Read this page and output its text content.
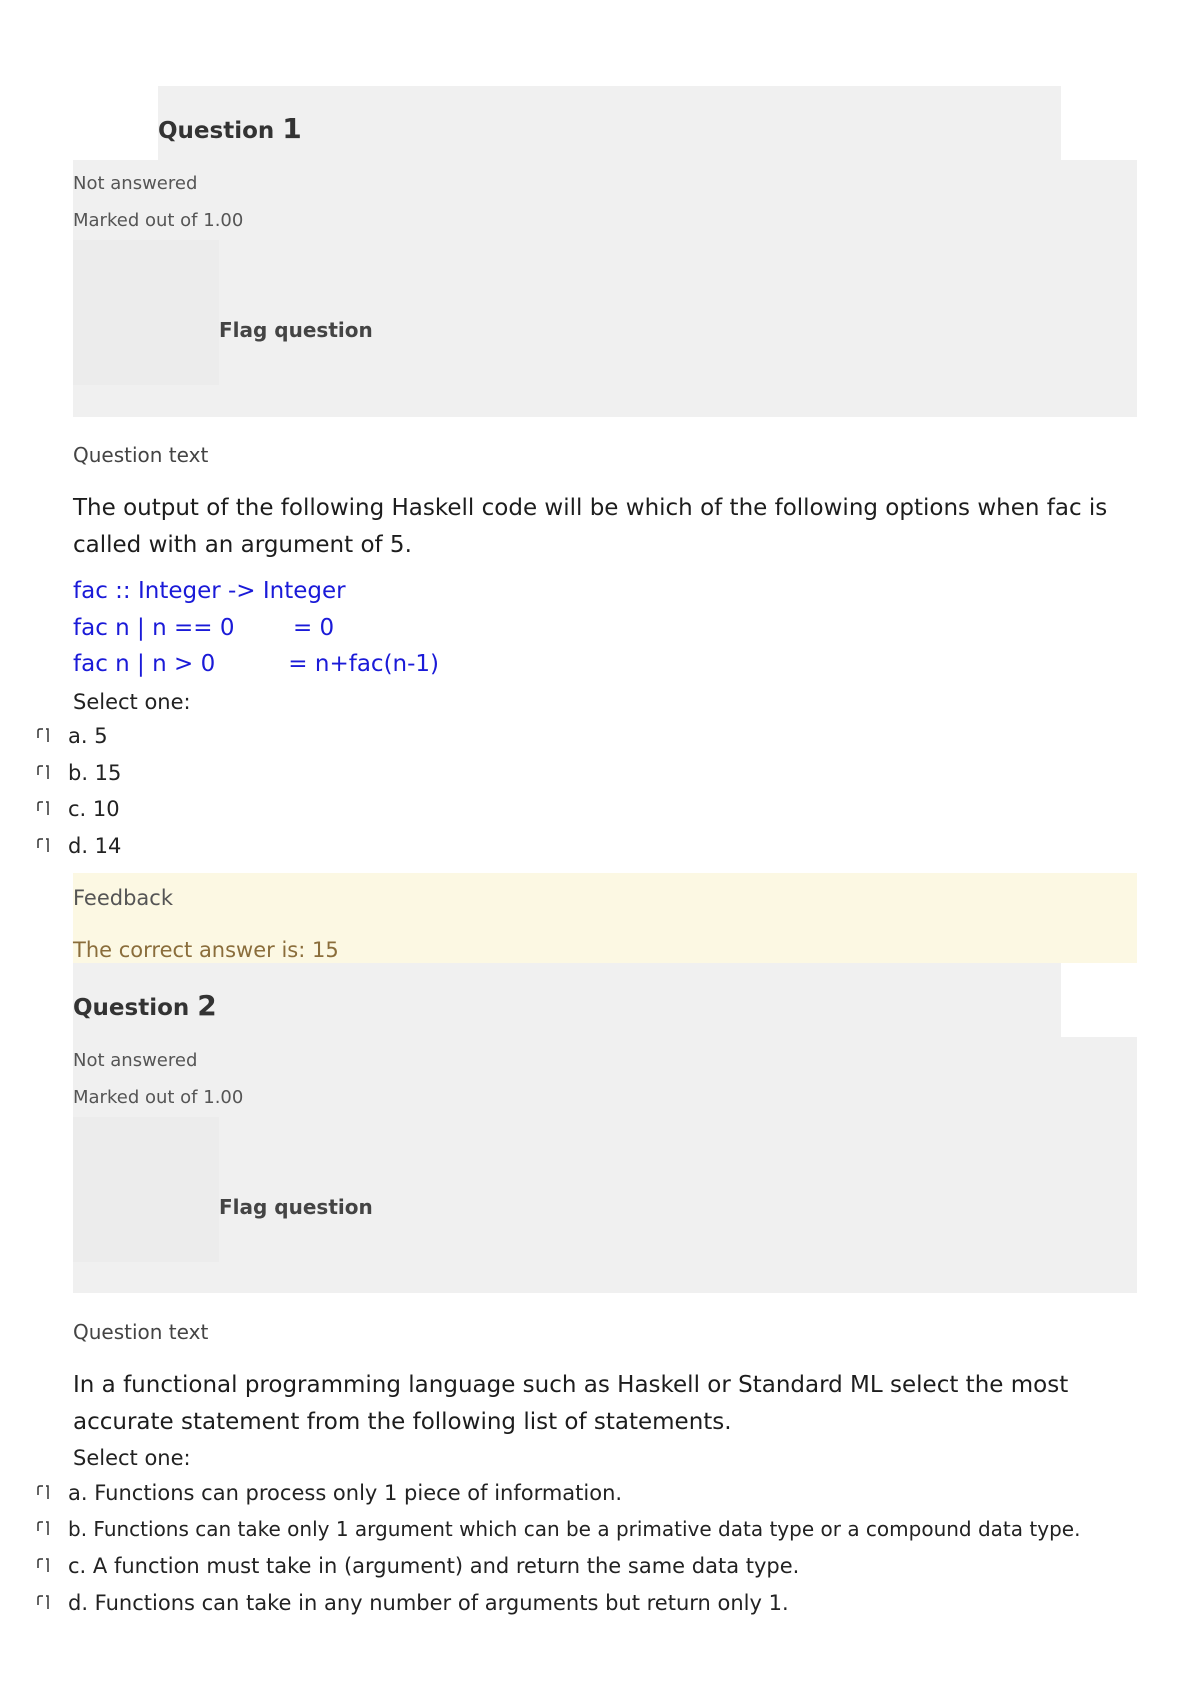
Question 1
Not answered
Marked out of 1.00
Flag question
Question text
The output of the following Haskell code will be which of the following options when fac is called with an argument of 5.
fac :: Integer -> Integer
fac n | n == 0        = 0
fac n | n > 0          = n+fac(n-1)
Select one:
a. 5
b. 15
c. 10
d. 14
Feedback
The correct answer is: 15
Question 2
Not answered
Marked out of 1.00
Flag question
Question text
In a functional programming language such as Haskell or Standard ML select the most accurate statement from the following list of statements.
Select one:
a. Functions can process only 1 piece of information.
b. Functions can take only 1 argument which can be a primative data type or a compound data type.
c. A function must take in (argument) and return the same data type.
d. Functions can take in any number of arguments but return only 1.
